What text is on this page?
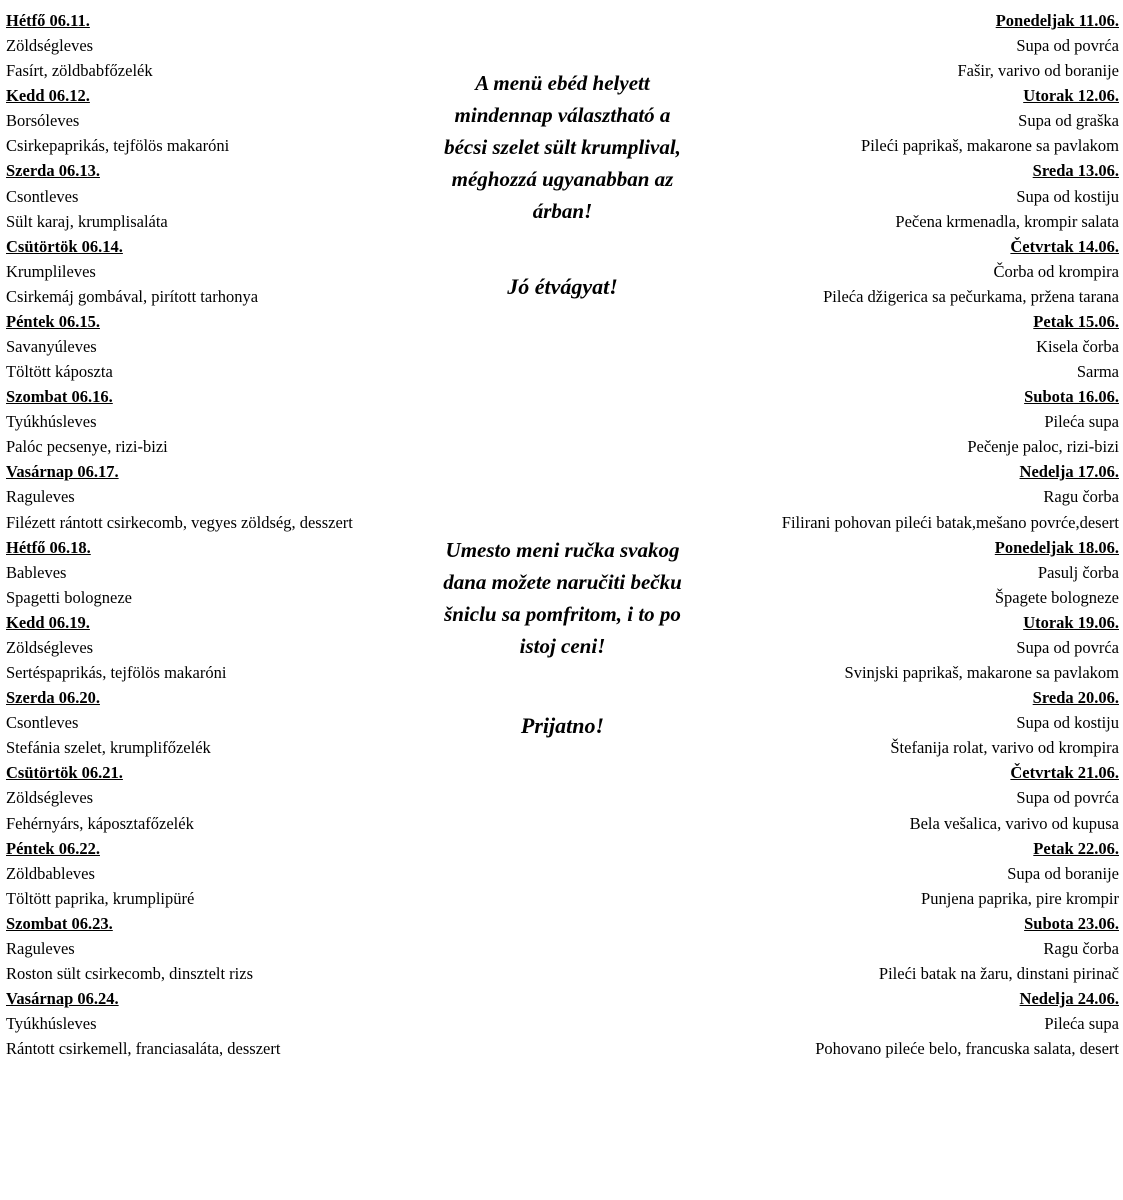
Hétfő 06.11.
Zöldségleves
Fasírt, zöldbabfőzelék
Kedd 06.12.
Borsóleves
Csirkepaprikás, tejfölös makaróni
Szerda 06.13.
Csontleves
Sült karaj, krumplisaláta
Csütörtök 06.14.
Krumplileves
Csirkemáj gombával, pirított tarhonya
Péntek 06.15.
Savanyúleves
Töltött káposzta
Szombat 06.16.
Tyúkhúsleves
Palóc pecsenye, rizi-bizi
Vasárnap 06.17.
Raguleves
Filézett rántott csirkecomb, vegyes zöldség, desszert
Hétfő 06.18.
Bableves
Spagetti bologneze
Kedd 06.19.
Zöldségleves
Sertéspaprikás, tejfölös makaróni
Szerda 06.20.
Csontleves
Stefánia szelet, krumplifőzelék
Csütörtök 06.21.
Zöldségleves
Fehérnyárs, káposztafőzelék
Péntek 06.22.
Zöldbableves
Töltött paprika, krumplipüré
Szombat 06.23.
Raguleves
Roston sült csirkecomb, dinsztelt rizs
Vasárnap 06.24.
Tyúkhúsleves
Rántott csirkemell, franciasaláta, desszert
A menü ebéd helyett mindennap választható a bécsi szelet sült krumplival, méghozzá ugyanabban az árban!
Jó étvágyat!
Umesto meni ručka svakog dana možete naručiti bečku šniclu sa pomfritom, i to po istoj ceni!
Prijatno!
Ponedeljak 11.06.
Supa od povrća
Fašir, varivo od boranije
Utorak 12.06.
Supa od graška
Pileći paprikaš, makarone sa pavlakom
Sreda 13.06.
Supa od kostiju
Pečena krmenadla, krompir salata
Četvrtak 14.06.
Čorba od krompira
Pileća džigerica sa pečurkama, pržena tarana
Petak 15.06.
Kisela čorba
Sarma
Subota 16.06.
Pileća supa
Pečenje paloc, rizi-bizi
Nedelja 17.06.
Ragu čorba
Filirani pohovan pileći batak,mešano povrće,desert
Ponedeljak 18.06.
Pasulj čorba
Špagete bologneze
Utorak 19.06.
Supa od povrća
Svinjski paprikaš, makarone sa pavlakom
Sreda 20.06.
Supa od kostiju
Štefanija rolat, varivo od krompira
Četvrtak 21.06.
Supa od povrća
Bela vešalica, varivo od kupusa
Petak 22.06.
Supa od boranije
Punjena paprika, pire krompir
Subota 23.06.
Ragu čorba
Pileći batak na žaru, dinstani pirinač
Nedelja 24.06.
Pileća supa
Pohovano pileće belo, francuska salata, desert
